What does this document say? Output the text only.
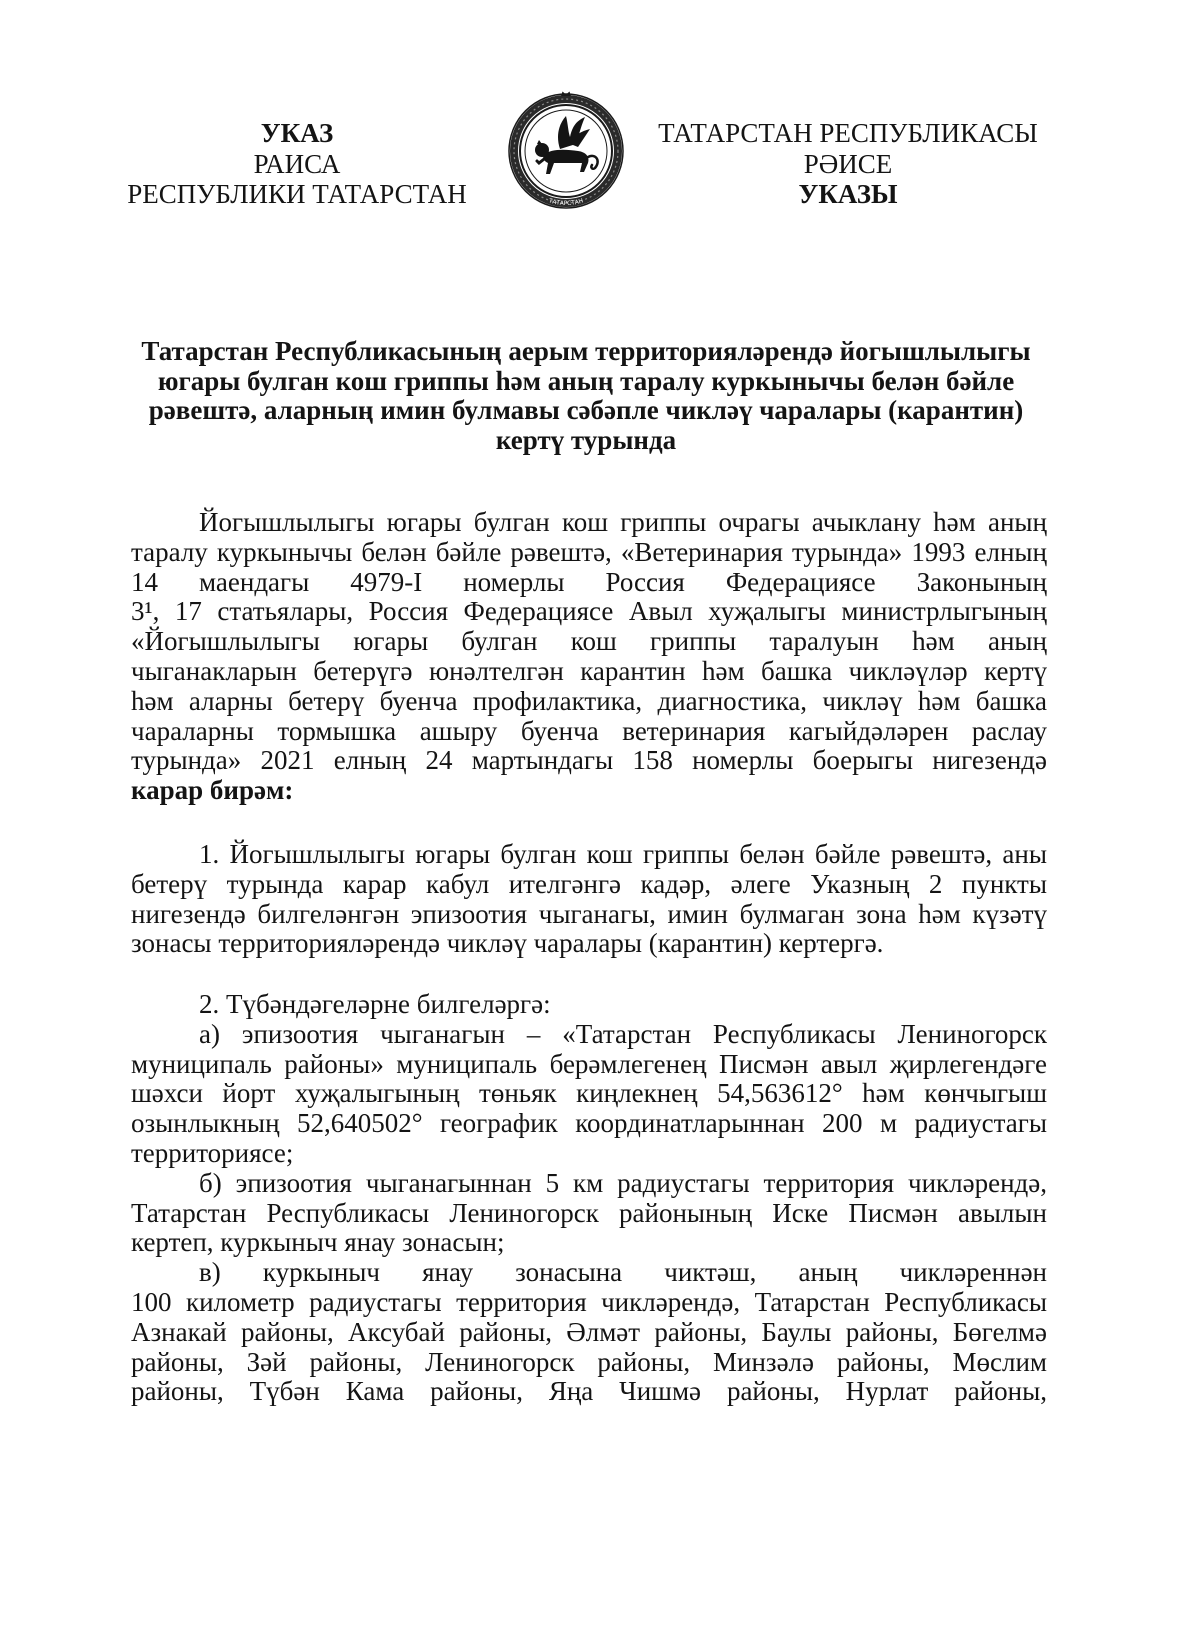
УКАЗ
РАИСА
РЕСПУБЛИКИ ТАТАРСТАН	ТАТАРСТАН
ТАТАРСТАН РЕСПУБЛИКАСЫ
РӘИСЕ
УКАЗЫ
Татарстан Республикасының аерым территорияләрендә йогышлылыгы
югары булган кош гриппы һәм аның таралу куркынычы белән бәйле
рәвештә, аларның имин булмавы сәбәпле чикләү чаралары (карантин)
кертү турында
Йогышлылыгы югары булган кош гриппы очрагы ачыклану һәм аның
таралу куркынычы белән бәйле рәвештә, «Ветеринария турында» 1993 елның
14 маендагы 4979-I номерлы Россия Федерациясе Законының
3¹, 17 статьялары, Россия Федерациясе Авыл хуҗалыгы министрлыгының
«Йогышлылыгы югары булган кош гриппы таралуын һәм аның
чыганакларын бетерүгә юнәлтелгән карантин һәм башка чикләүләр кертү
һәм аларны бетерү буенча профилактика, диагностика, чикләү һәм башка
чараларны тормышка ашыру буенча ветеринария кагыйдәләрен раслау
турында» 2021 елның 24 мартындагы 158 номерлы боерыгы нигезендә
карар бирәм:
1. Йогышлылыгы югары булган кош гриппы белән бәйле рәвештә, аны
бетерү турында карар кабул ителгәнгә кадәр, әлеге Указның 2 пункты
нигезендә билгеләнгән эпизоотия чыганагы, имин булмаган зона һәм күзәтү
зонасы территорияләрендә чикләү чаралары (карантин) кертергә.
2. Түбәндәгеләрне билгеләргә:
а) эпизоотия чыганагын – «Татарстан Республикасы Лениногорск
муниципаль районы» муниципаль берәмлегенең Писмән авыл җирлегендәге
шәхси йорт хуҗалыгының төньяк киңлекнең 54,563612° һәм көнчыгыш
озынлыкның 52,640502° географик координатларыннан 200 м радиустагы
территориясе;
б) эпизоотия чыганагыннан 5 км радиустагы территория чикләрендә,
Татарстан Республикасы Лениногорск районының Иске Писмән авылын
кертеп, куркыныч янау зонасын;
в) куркыныч янау зонасына чиктәш, аның чикләреннән
100 километр радиустагы территория чикләрендә, Татарстан Республикасы
Азнакай районы, Аксубай районы, Әлмәт районы, Баулы районы, Бөгелмә
районы, Зәй районы, Лениногорск районы, Минзәлә районы, Мөслим
районы, Түбән Кама районы, Яңа Чишмә районы, Нурлат районы,
